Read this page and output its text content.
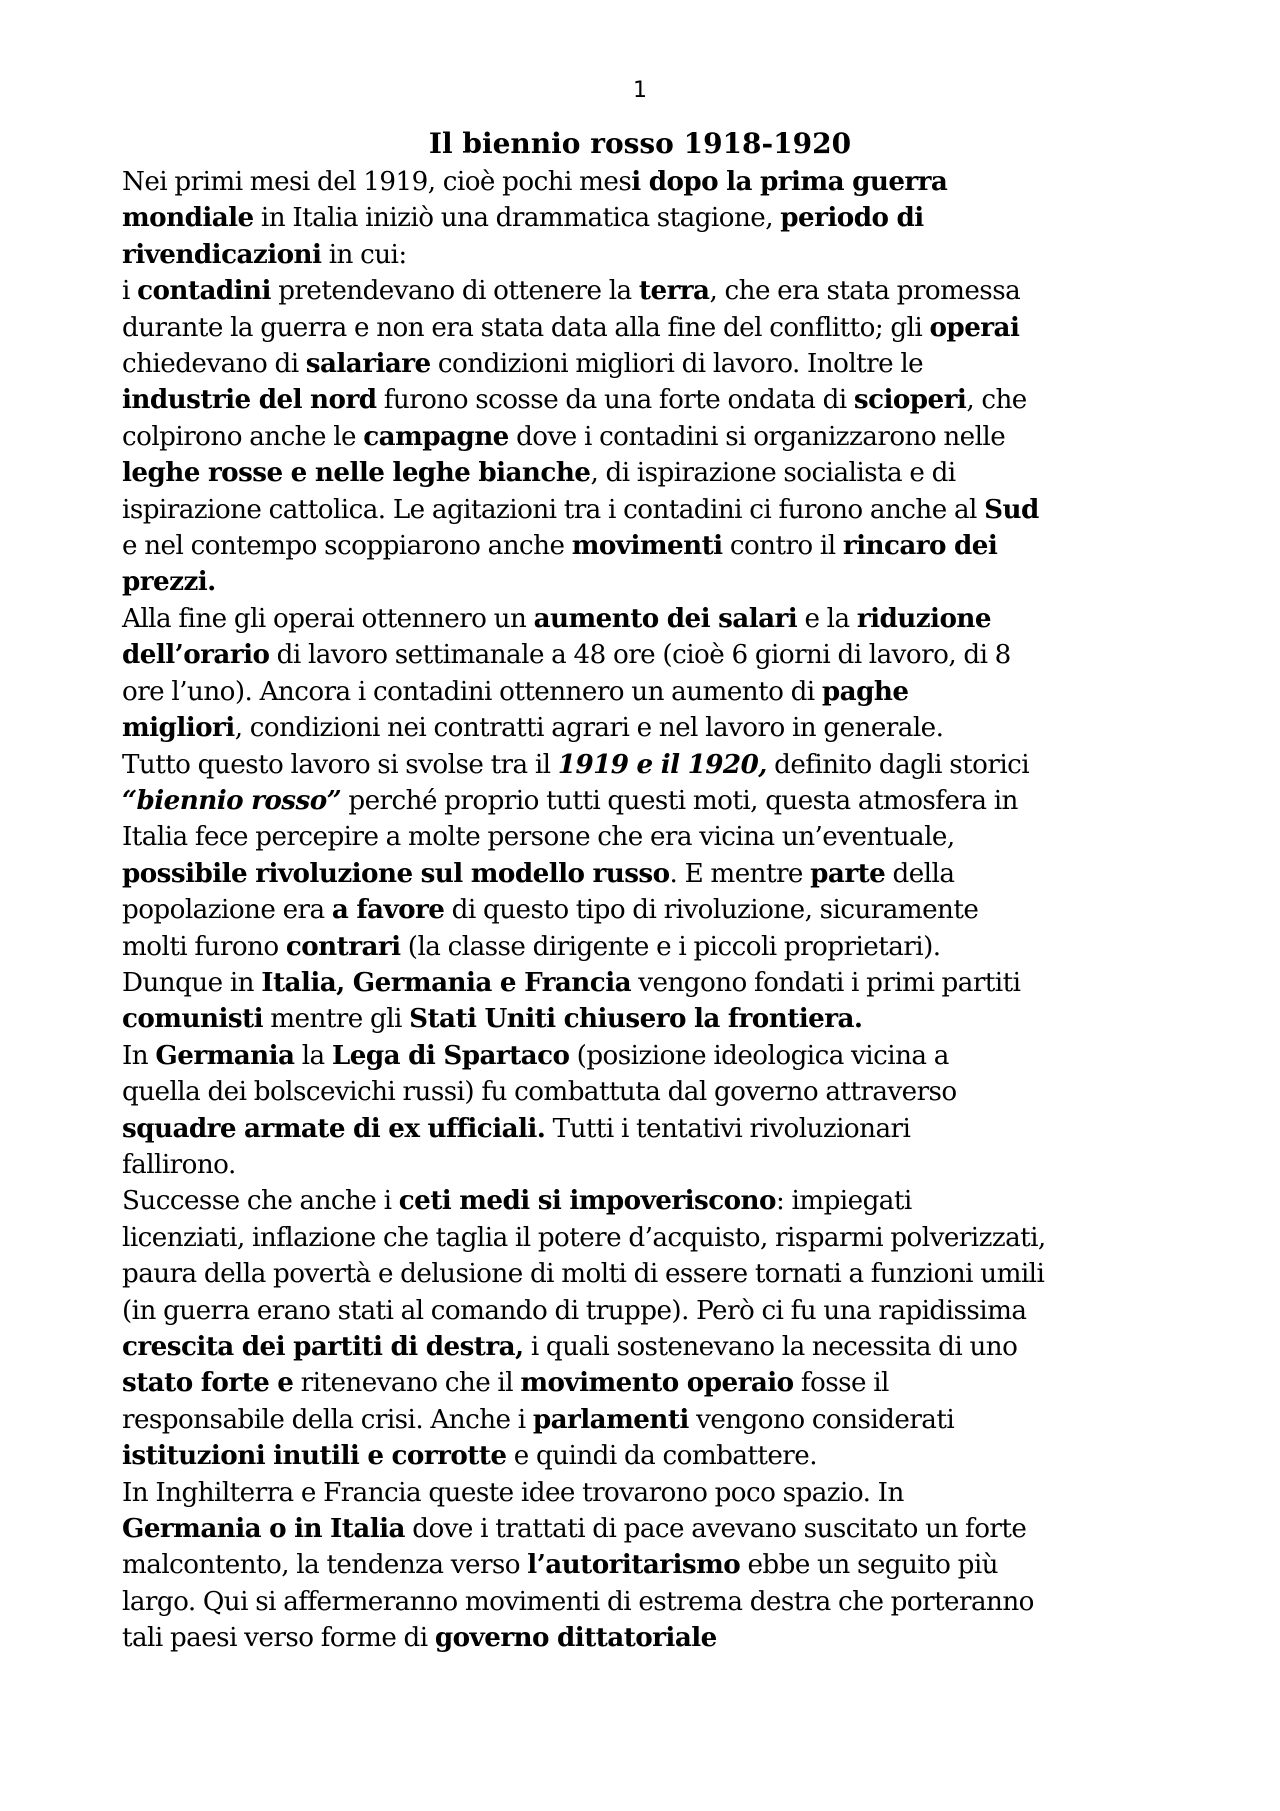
1
Il biennio rosso 1918-1920
Nei primi mesi del 1919, cioè pochi mesi dopo la prima guerra
mondiale in Italia iniziò una drammatica stagione, periodo di
rivendicazioni in cui:
i contadini pretendevano di ottenere la terra, che era stata promessa
durante la guerra e non era stata data alla fine del conflitto; gli operai
chiedevano di salariare condizioni migliori di lavoro. Inoltre le
industrie del nord furono scosse da una forte ondata di scioperi, che
colpirono anche le campagne dove i contadini si organizzarono nelle
leghe rosse e nelle leghe bianche, di ispirazione socialista e di
ispirazione cattolica. Le agitazioni tra i contadini ci furono anche al Sud
e nel contempo scoppiarono anche movimenti contro il rincaro dei
prezzi.
Alla fine gli operai ottennero un aumento dei salari e la riduzione
dell’orario di lavoro settimanale a 48 ore (cioè 6 giorni di lavoro, di 8
ore l’uno). Ancora i contadini ottennero un aumento di paghe
migliori, condizioni nei contratti agrari e nel lavoro in generale.
Tutto questo lavoro si svolse tra il 1919 e il 1920, definito dagli storici
“biennio rosso” perché proprio tutti questi moti, questa atmosfera in
Italia fece percepire a molte persone che era vicina un’eventuale,
possibile rivoluzione sul modello russo. E mentre parte della
popolazione era a favore di questo tipo di rivoluzione, sicuramente
molti furono contrari (la classe dirigente e i piccoli proprietari).
Dunque in Italia, Germania e Francia vengono fondati i primi partiti
comunisti mentre gli Stati Uniti chiusero la frontiera.
In Germania la Lega di Spartaco (posizione ideologica vicina a
quella dei bolscevichi russi) fu combattuta dal governo attraverso
squadre armate di ex ufficiali. Tutti i tentativi rivoluzionari
fallirono.
Successe che anche i ceti medi si impoveriscono: impiegati
licenziati, inflazione che taglia il potere d’acquisto, risparmi polverizzati,
paura della povertà e delusione di molti di essere tornati a funzioni umili
(in guerra erano stati al comando di truppe). Però ci fu una rapidissima
crescita dei partiti di destra, i quali sostenevano la necessita di uno
stato forte e ritenevano che il movimento operaio fosse il
responsabile della crisi. Anche i parlamenti vengono considerati
istituzioni inutili e corrotte e quindi da combattere.
In Inghilterra e Francia queste idee trovarono poco spazio. In
Germania o in Italia dove i trattati di pace avevano suscitato un forte
malcontento, la tendenza verso l’autoritarismo ebbe un seguito più
largo. Qui si affermeranno movimenti di estrema destra che porteranno
tali paesi verso forme di governo dittatoriale
